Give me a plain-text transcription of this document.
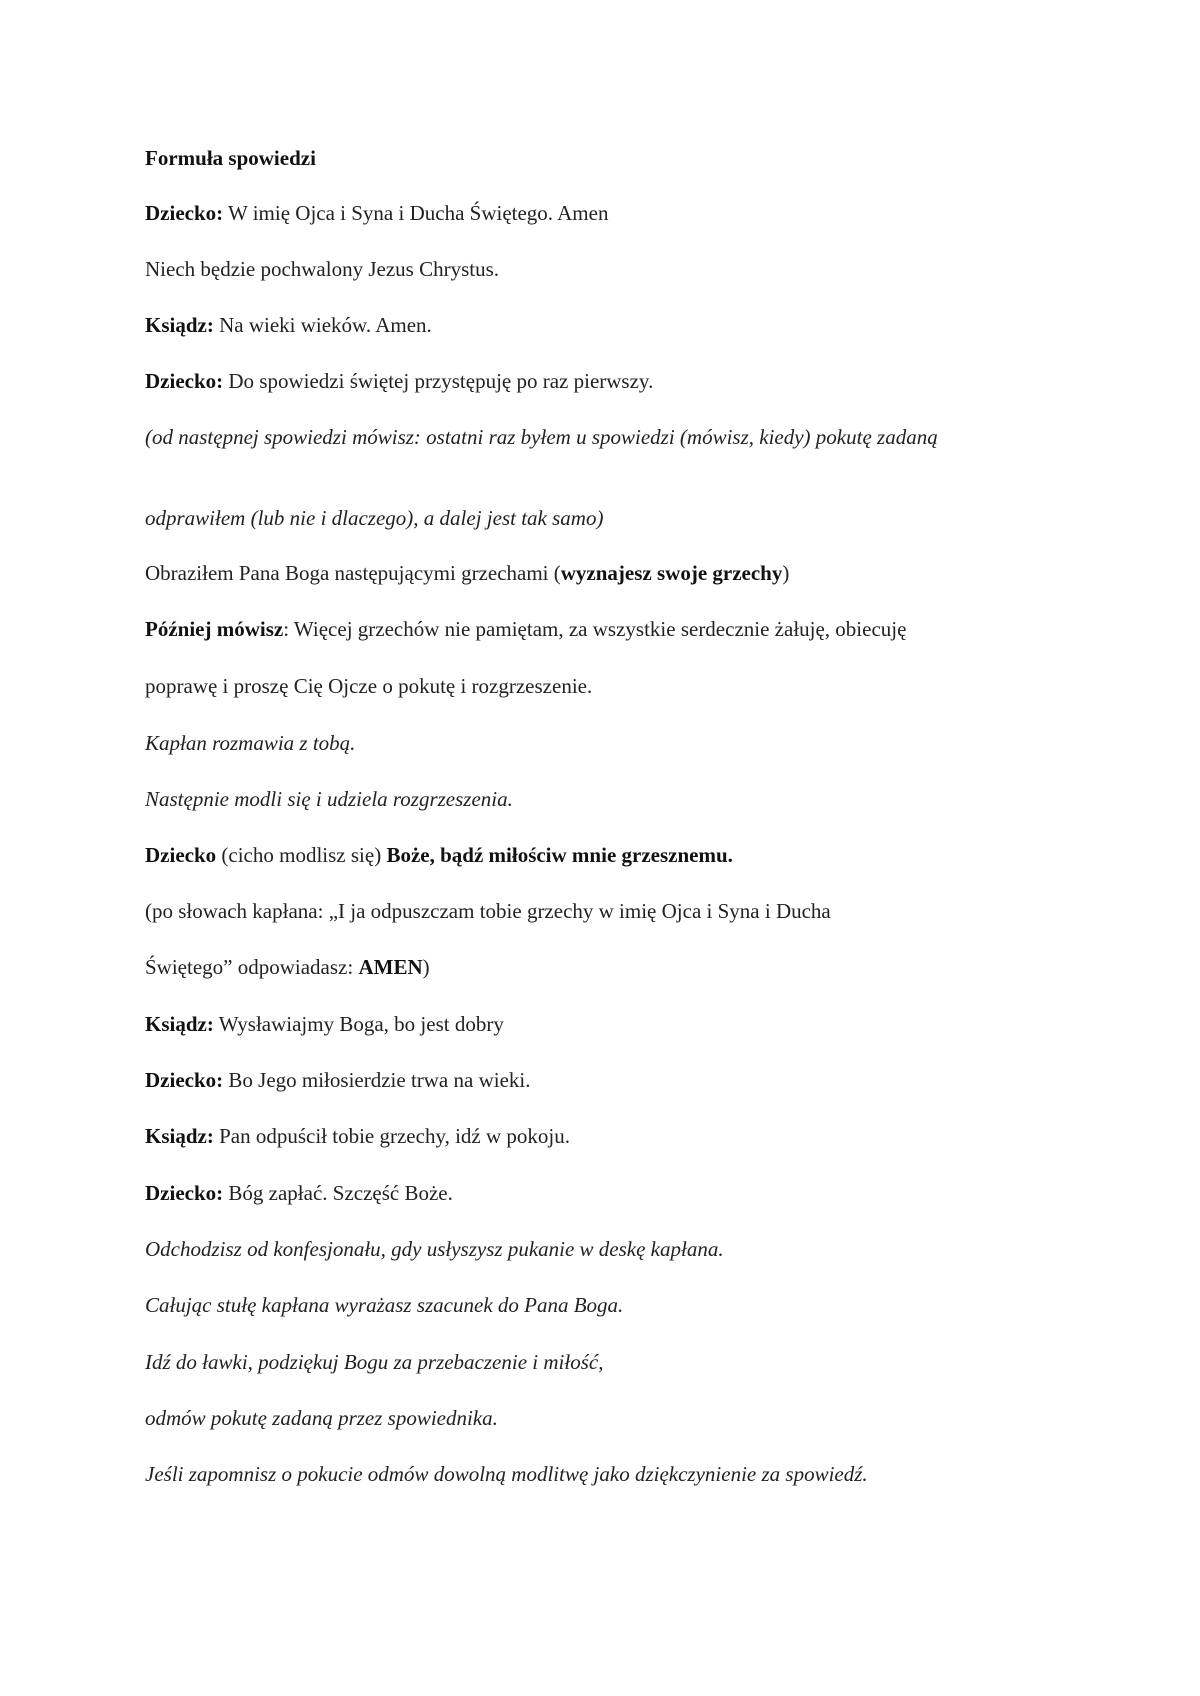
Formuła spowiedzi
Dziecko: W imię Ojca i Syna i Ducha Świętego. Amen
Niech będzie pochwalony Jezus Chrystus.
Ksiądz: Na wieki wieków. Amen.
Dziecko: Do spowiedzi świętej przystępuję po raz pierwszy.
(od następnej spowiedzi mówisz: ostatni raz byłem u spowiedzi (mówisz, kiedy) pokutę zadaną
odprawiłem (lub nie i dlaczego), a dalej jest tak samo)
Obraziłem Pana Boga następującymi grzechami (wyznajesz swoje grzechy)
Później mówisz: Więcej grzechów nie pamiętam, za wszystkie serdecznie żałuję, obiecuję
poprawę i proszę Cię Ojcze o pokutę i rozgrzeszenie.
Kapłan rozmawia z tobą.
Następnie modli się i udziela rozgrzeszenia.
Dziecko (cicho modlisz się) Boże, bądź miłościw mnie grzesznemu.
(po słowach kapłana: „I ja odpuszczam tobie grzechy w imię Ojca i Syna i Ducha
Świętego” odpowiadasz: AMEN)
Ksiądz: Wysławiajmy Boga, bo jest dobry
Dziecko: Bo Jego miłosierdzie trwa na wieki.
Ksiądz: Pan odpuścił tobie grzechy, idź w pokoju.
Dziecko: Bóg zapłać. Szczęść Boże.
Odchodzisz od konfesjonału, gdy usłyszysz pukanie w deskę kapłana.
Całując stułę kapłana wyrażasz szacunek do Pana Boga.
Idź do ławki, podziękuj Bogu za przebaczenie i miłość,
odmów pokutę zadaną przez spowiednika.
Jeśli zapomnisz o pokucie odmów dowolną modlitwę jako dziękczynienie za spowiedź.
